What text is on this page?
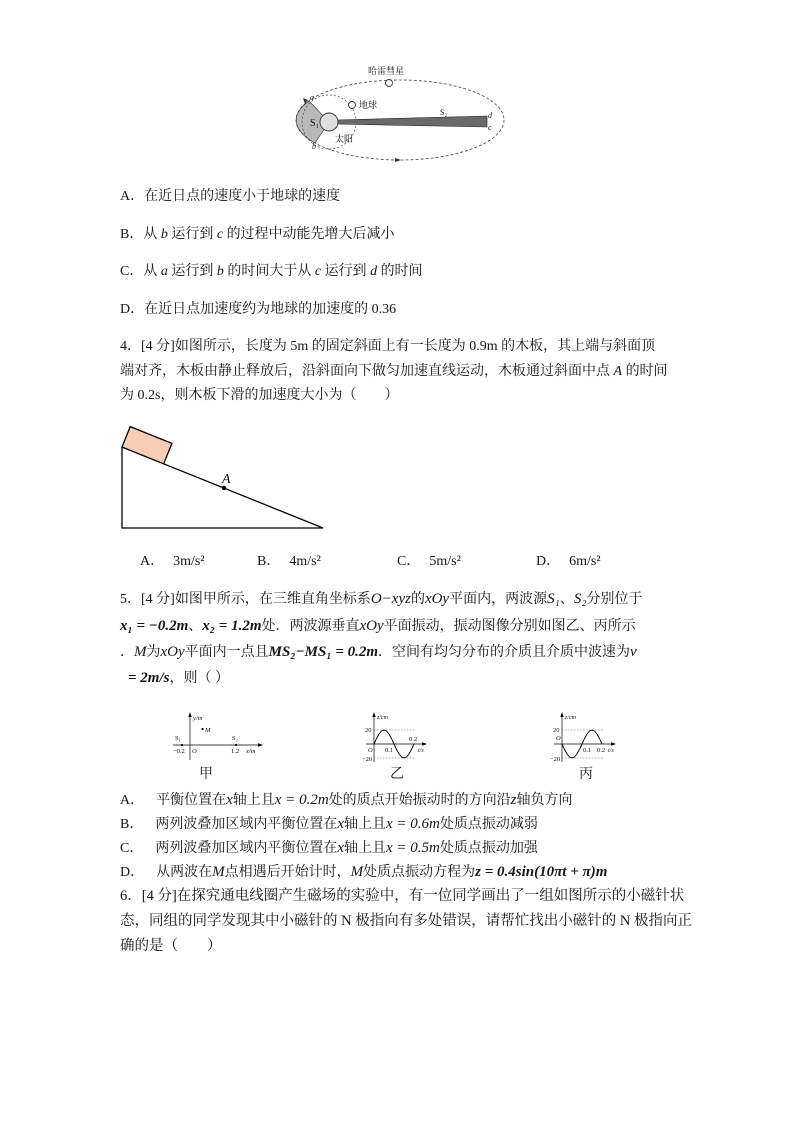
哈雷彗星
地球
太阳
S₁
S₂
a
b
d
c
A．在近日点的速度小于地球的速度
B．从 b 运行到 c 的过程中动能先增大后减小
C．从 a 运行到 b 的时间大于从 c 运行到 d 的时间
D．在近日点加速度约为地球的加速度的 0.36
4．[4 分]如图所示，长度为 5m 的固定斜面上有一长度为 0.9m 的木板，其上端与斜面顶
端对齐，木板由静止释放后，沿斜面向下做匀加速直线运动，木板通过斜面中点 A 的时间
为 0.2s，则木板下滑的加速度大小为（　　）
A
A． 3m/s²	B． 4m/s²	C． 5m/s²	D． 6m/s²
5．[4 分]如图甲所示，在三维直角坐标系O−xyz的xOy平面内，两波源S₁、S₂分别位于
x₁ = −0.2m、x₂ = 1.2m处．两波源垂直xOy平面振动，振动图像分别如图乙、丙所示
．M为xOy平面内一点且MS₂−MS₁ = 0.2m．空间有均匀分布的介质且介质中波速为v
= 2m/s，则（ ）
y/m
S₁
M
S₂
−0.2 O	1.2 x/m
z/cm
20
−20
O 0.1
0.2
t/s
z/cm
20
−20
O
0.1 0.2 t/s
甲	乙	丙
A． 平衡位置在x轴上且x = 0.2m处的质点开始振动时的方向沿z轴负方向
B． 两列波叠加区域内平衡位置在x轴上且x = 0.6m处质点振动减弱
C． 两列波叠加区域内平衡位置在x轴上且x = 0.5m处质点振动加强
D． 从两波在M点相遇后开始计时，M处质点振动方程为z = 0.4sin(10πt + π)m
6．[4 分]在探究通电线圈产生磁场的实验中，有一位同学画出了一组如图所示的小磁针状
态，同组的同学发现其中小磁针的 N 极指向有多处错误，请帮忙找出小磁针的 N 极指向正
确的是（　　）
